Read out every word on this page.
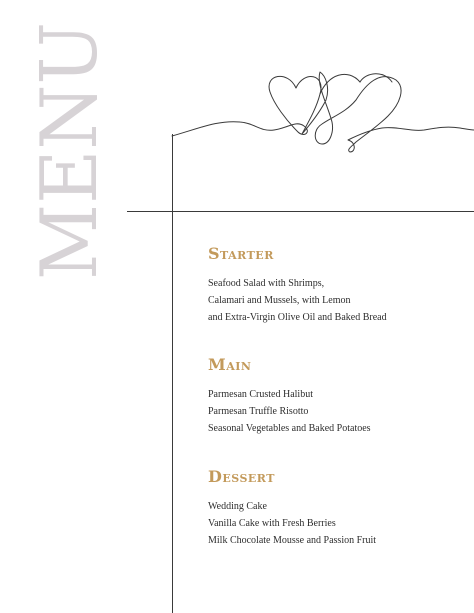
MENU	Starter
Seafood Salad with Shrimps,
Calamari and Mussels, with Lemon
and Extra-Virgin Olive Oil and Baked Bread
Main
Parmesan Crusted Halibut
Parmesan Truffle Risotto
Seasonal Vegetables and Baked Potatoes
Dessert
Wedding Cake
Vanilla Cake with Fresh Berries
Milk Chocolate Mousse and Passion Fruit
